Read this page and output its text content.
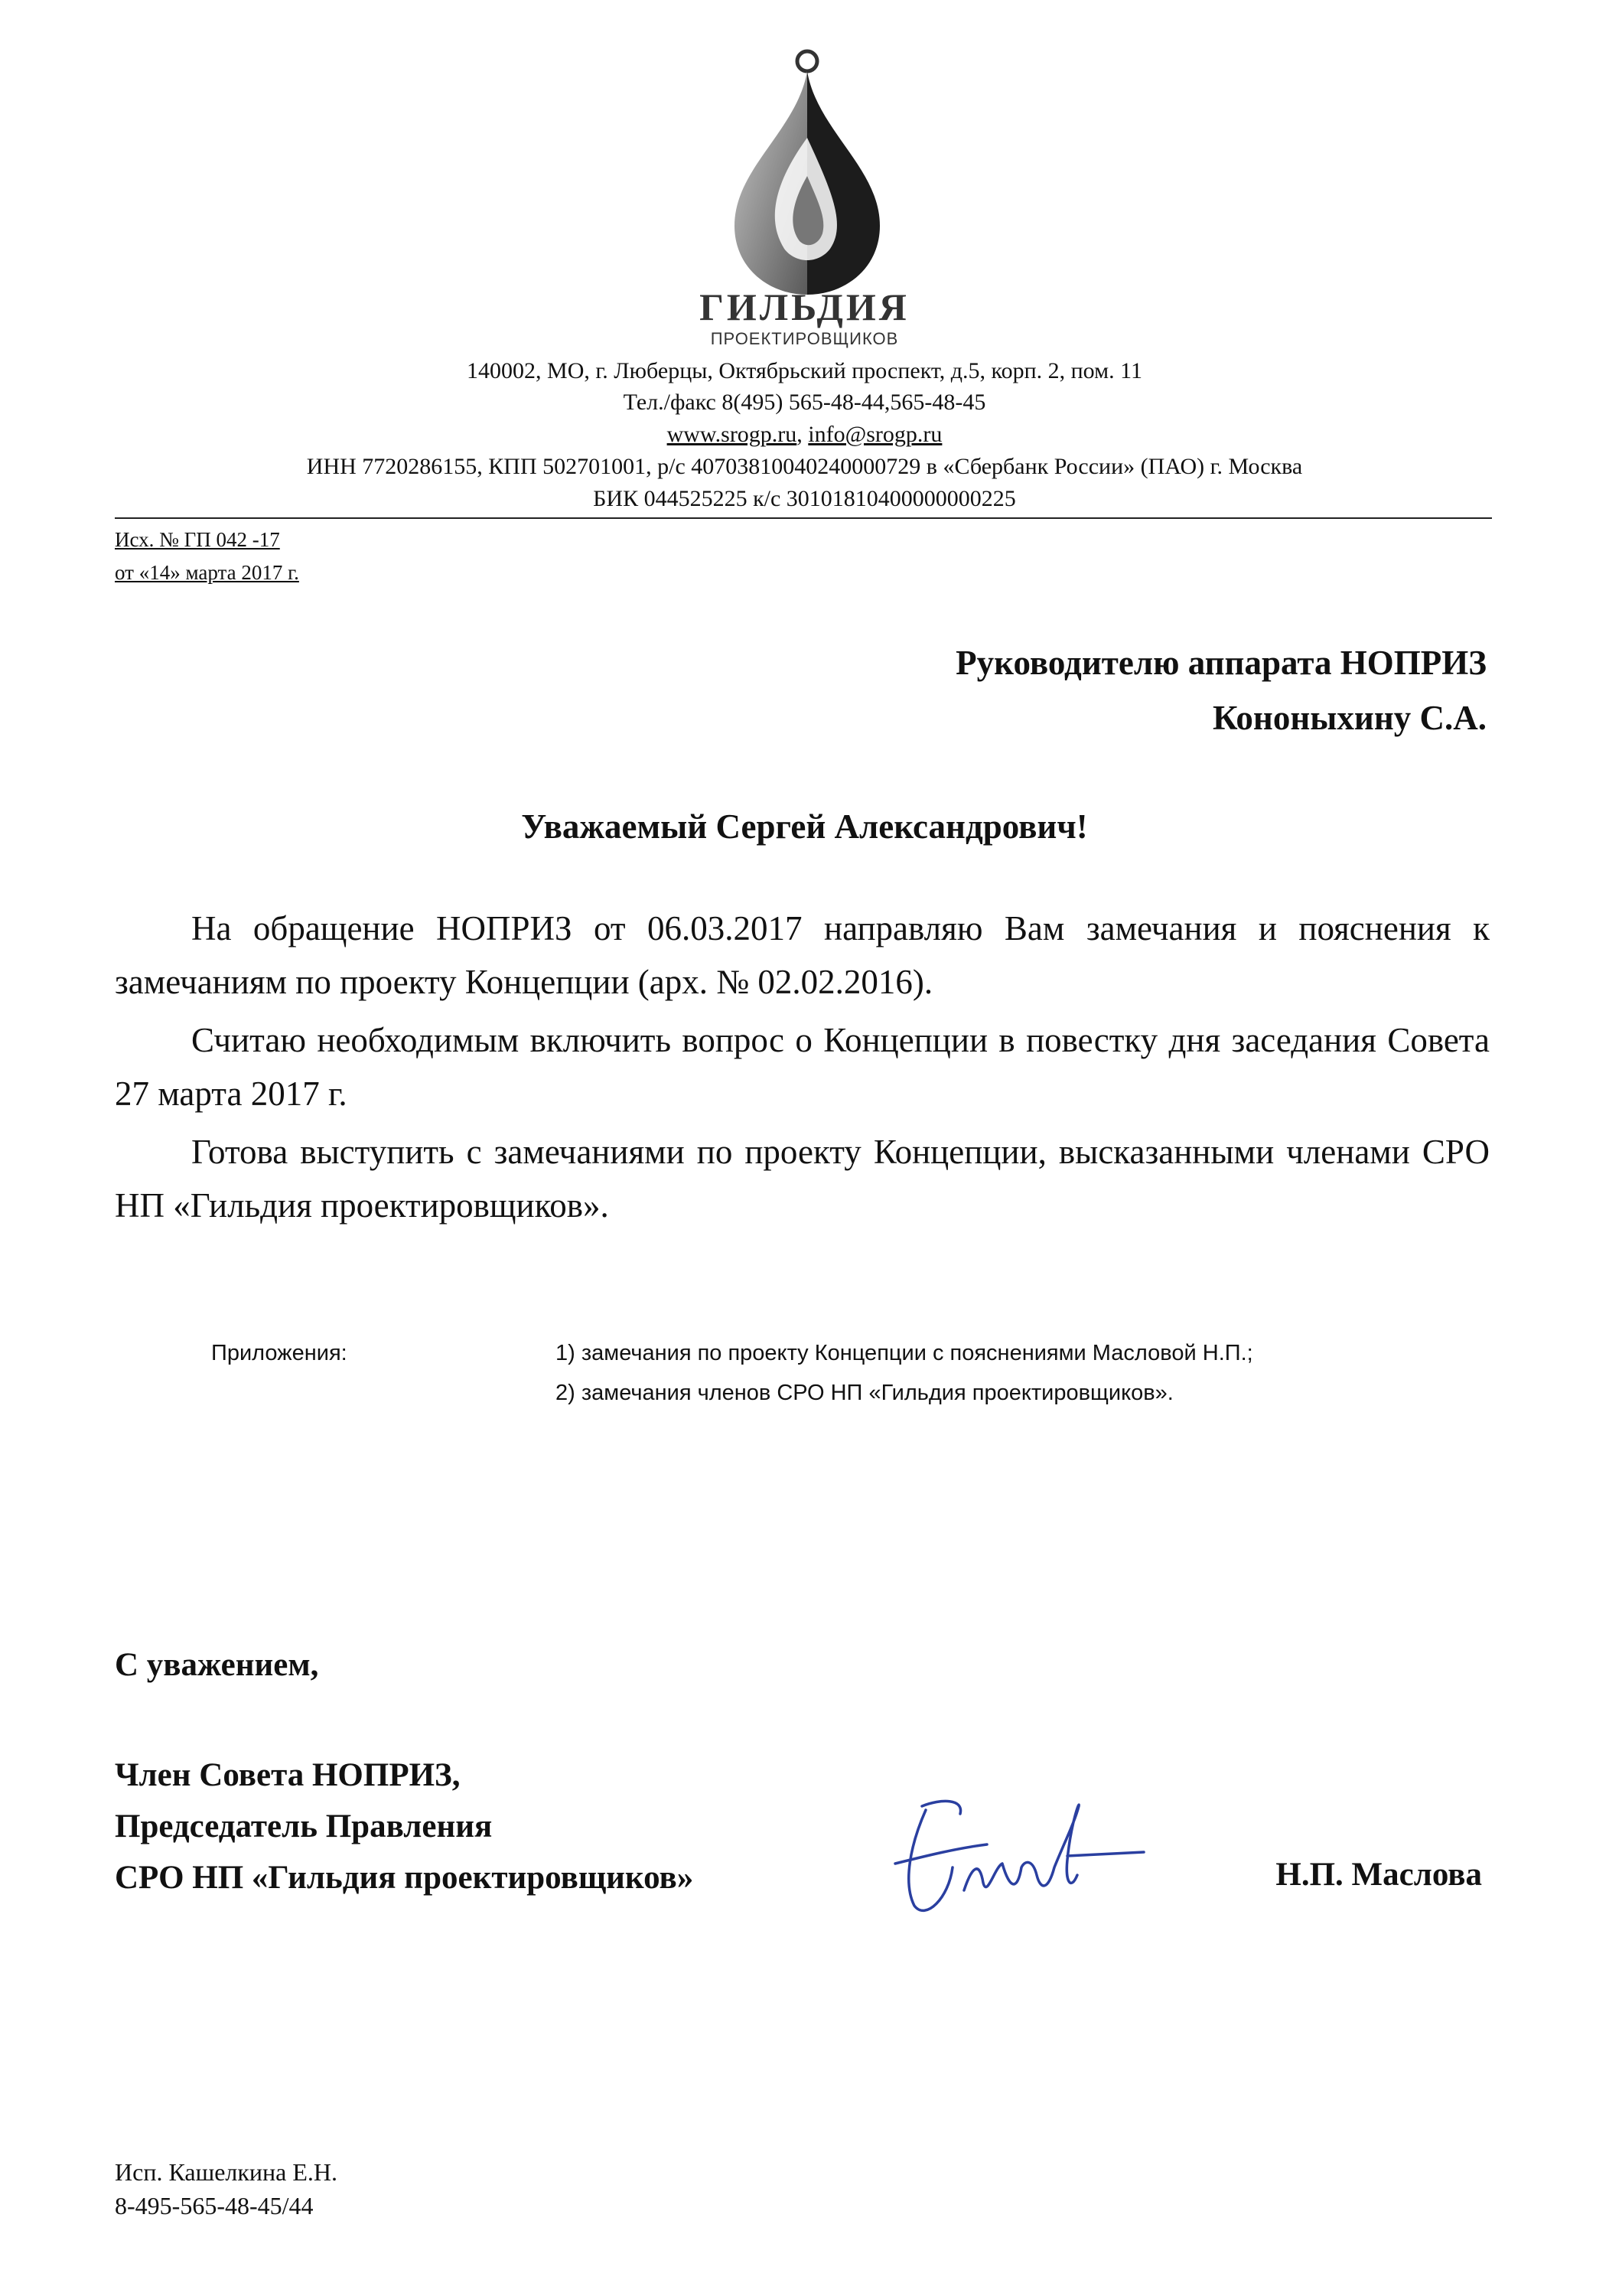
ГИЛЬДИЯ
ПРОЕКТИРОВЩИКОВ
140002, МО, г. Люберцы, Октябрьский проспект, д.5, корп. 2, пом. 11
Тел./факс 8(495) 565-48-44,565-48-45
www.srogp.ru, info@srogp.ru
ИНН 7720286155, КПП 502701001, р/с 40703810040240000729 в «Сбербанк России» (ПАО) г. Москва
БИК 044525225 к/с 30101810400000000225
Исх. № ГП 042 -17
от «14» марта 2017 г.
Руководителю аппарата НОПРИЗ
Кононыхину С.А.
Уважаемый Сергей Александрович!
На обращение НОПРИЗ от 06.03.2017 направляю Вам замечания и пояснения к замечаниям по проекту Концепции (арх. № 02.02.2016).
Считаю необходимым включить вопрос о Концепции в повестку дня заседания Совета 27 марта 2017 г.
Готова выступить с замечаниями по проекту Концепции, высказанными членами СРО НП «Гильдия проектировщиков».
Приложения:	1) замечания по проекту Концепции с пояснениями Масловой Н.П.;
2) замечания членов СРО НП «Гильдия проектировщиков».
С уважением,
Член Совета НОПРИЗ,
Председатель Правления
СРО НП «Гильдия проектировщиков»	Н.П. Маслова
Исп. Кашелкина Е.Н.
8-495-565-48-45/44
